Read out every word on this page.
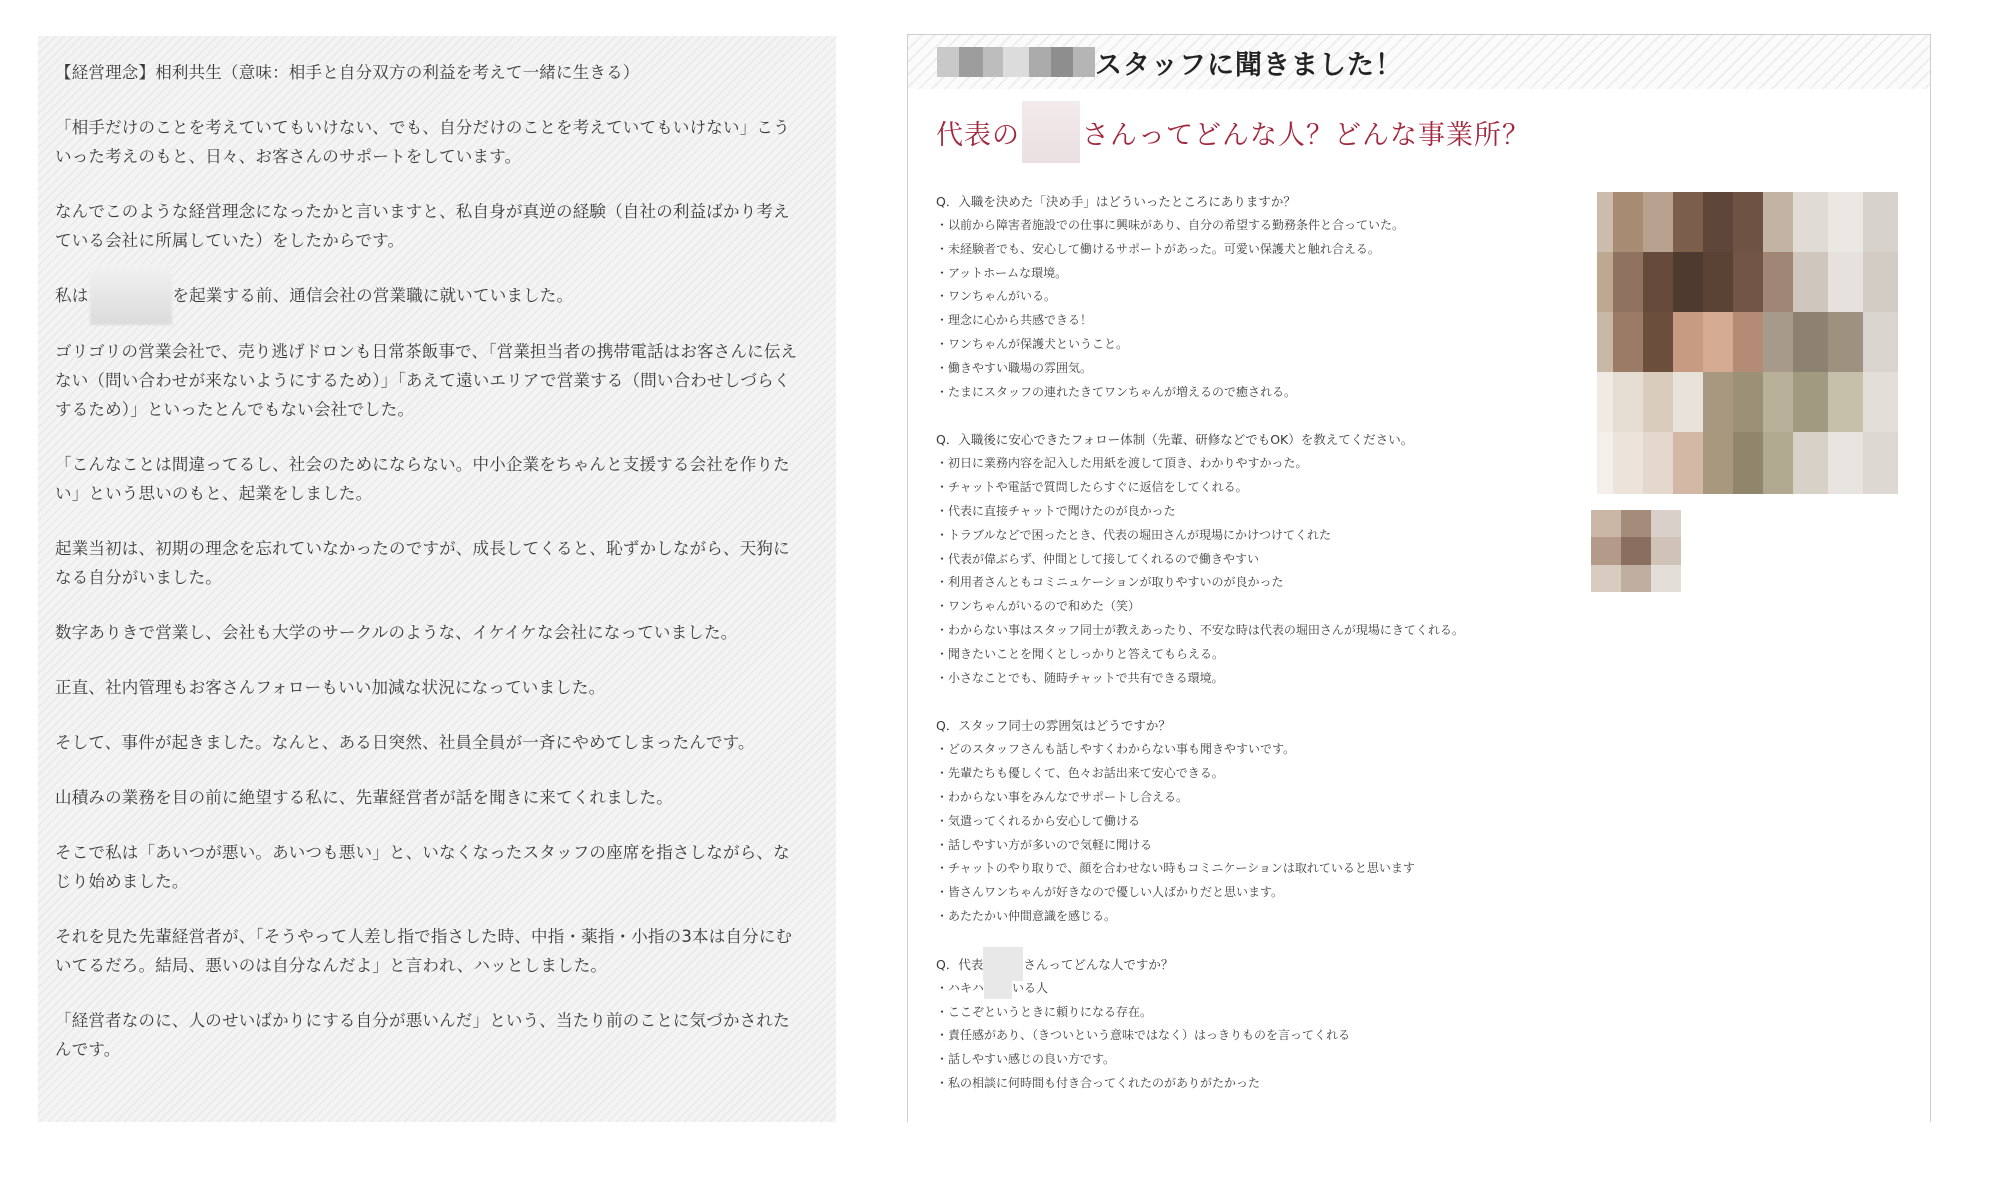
【経営理念】相利共生（意味：相手と自分双方の利益を考えて一緒に生きる）

「相手だけのことを考えていてもいけない、でも、自分だけのことを考えていてもいけない」こういった考えのもと、日々、お客さんのサポートをしています。

なんでこのような経営理念になったかと言いますと、私自身が真逆の経験（自社の利益ばかり考えている会社に所属していた）をしたからです。

私は	を起業する前、通信会社の営業職に就いていました。

ゴリゴリの営業会社で、売り逃げドロンも日常茶飯事で、「営業担当者の携帯電話はお客さんに伝えない（問い合わせが来ないようにするため）」「あえて遠いエリアで営業する（問い合わせしづらくするため）」といったとんでもない会社でした。

「こんなことは間違ってるし、社会のためにならない。中小企業をちゃんと支援する会社を作りたい」という思いのもと、起業をしました。

起業当初は、初期の理念を忘れていなかったのですが、成長してくると、恥ずかしながら、天狗になる自分がいました。

数字ありきで営業し、会社も大学のサークルのような、イケイケな会社になっていました。

正直、社内管理もお客さんフォローもいい加減な状況になっていました。

そして、事件が起きました。なんと、ある日突然、社員全員が一斉にやめてしまったんです。

山積みの業務を目の前に絶望する私に、先輩経営者が話を聞きに来てくれました。

そこで私は「あいつが悪い。あいつも悪い」と、いなくなったスタッフの座席を指さしながら、なじり始めました。

それを見た先輩経営者が、「そうやって人差し指で指さした時、中指・薬指・小指の3本は自分にむいてるだろ。結局、悪いのは自分なんだよ」と言われ、ハッとしました。

「経営者なのに、人のせいばかりにする自分が悪いんだ」という、当たり前のことに気づかされたんです。

スタッフに聞きました！
代表の さんってどんな人？どんな事業所？
Q．入職を決めた「決め手」はどういったところにありますか？
・以前から障害者施設での仕事に興味があり、自分の希望する勤務条件と合っていた。
・未経験者でも、安心して働けるサポートがあった。可愛い保護犬と触れ合える。
・アットホームな環境。
・ワンちゃんがいる。
・理念に心から共感できる！
・ワンちゃんが保護犬ということ。
・働きやすい職場の雰囲気。
・たまにスタッフの連れたきてワンちゃんが増えるので癒される。
Q．入職後に安心できたフォロー体制（先輩、研修などでもOK）を教えてください。
・初日に業務内容を記入した用紙を渡して頂き、わかりやすかった。
・チャットや電話で質問したらすぐに返信をしてくれる。
・代表に直接チャットで聞けたのが良かった
・トラブルなどで困ったとき、代表の堀田さんが現場にかけつけてくれた
・代表が偉ぶらず、仲間として接してくれるので働きやすい
・利用者さんともコミニュケーションが取りやすいのが良かった
・ワンちゃんがいるので和めた（笑）
・わからない事はスタッフ同士が教えあったり、不安な時は代表の堀田さんが現場にきてくれる。
・聞きたいことを聞くとしっかりと答えてもらえる。
・小さなことでも、随時チャットで共有できる環境。
Q．スタッフ同士の雰囲気はどうですか？
・どのスタッフさんも話しやすくわからない事も聞きやすいです。
・先輩たちも優しくて、色々お話出来て安心できる。
・わからない事をみんなでサポートし合える。
・気遣ってくれるから安心して働ける
・話しやすい方が多いので気軽に聞ける
・チャットのやり取りで、顔を合わせない時もコミニケーションは取れていると思います
・皆さんワンちゃんが好きなので優しい人ばかりだと思います。
・あたたかい仲間意識を感じる。
Q．代表	さんってどんな人ですか？
・ハキハ いる人
・ここぞというときに頼りになる存在。
・責任感があり、（きついという意味ではなく）はっきりものを言ってくれる
・話しやすい感じの良い方です。
・私の相談に何時間も付き合ってくれたのがありがたかった
